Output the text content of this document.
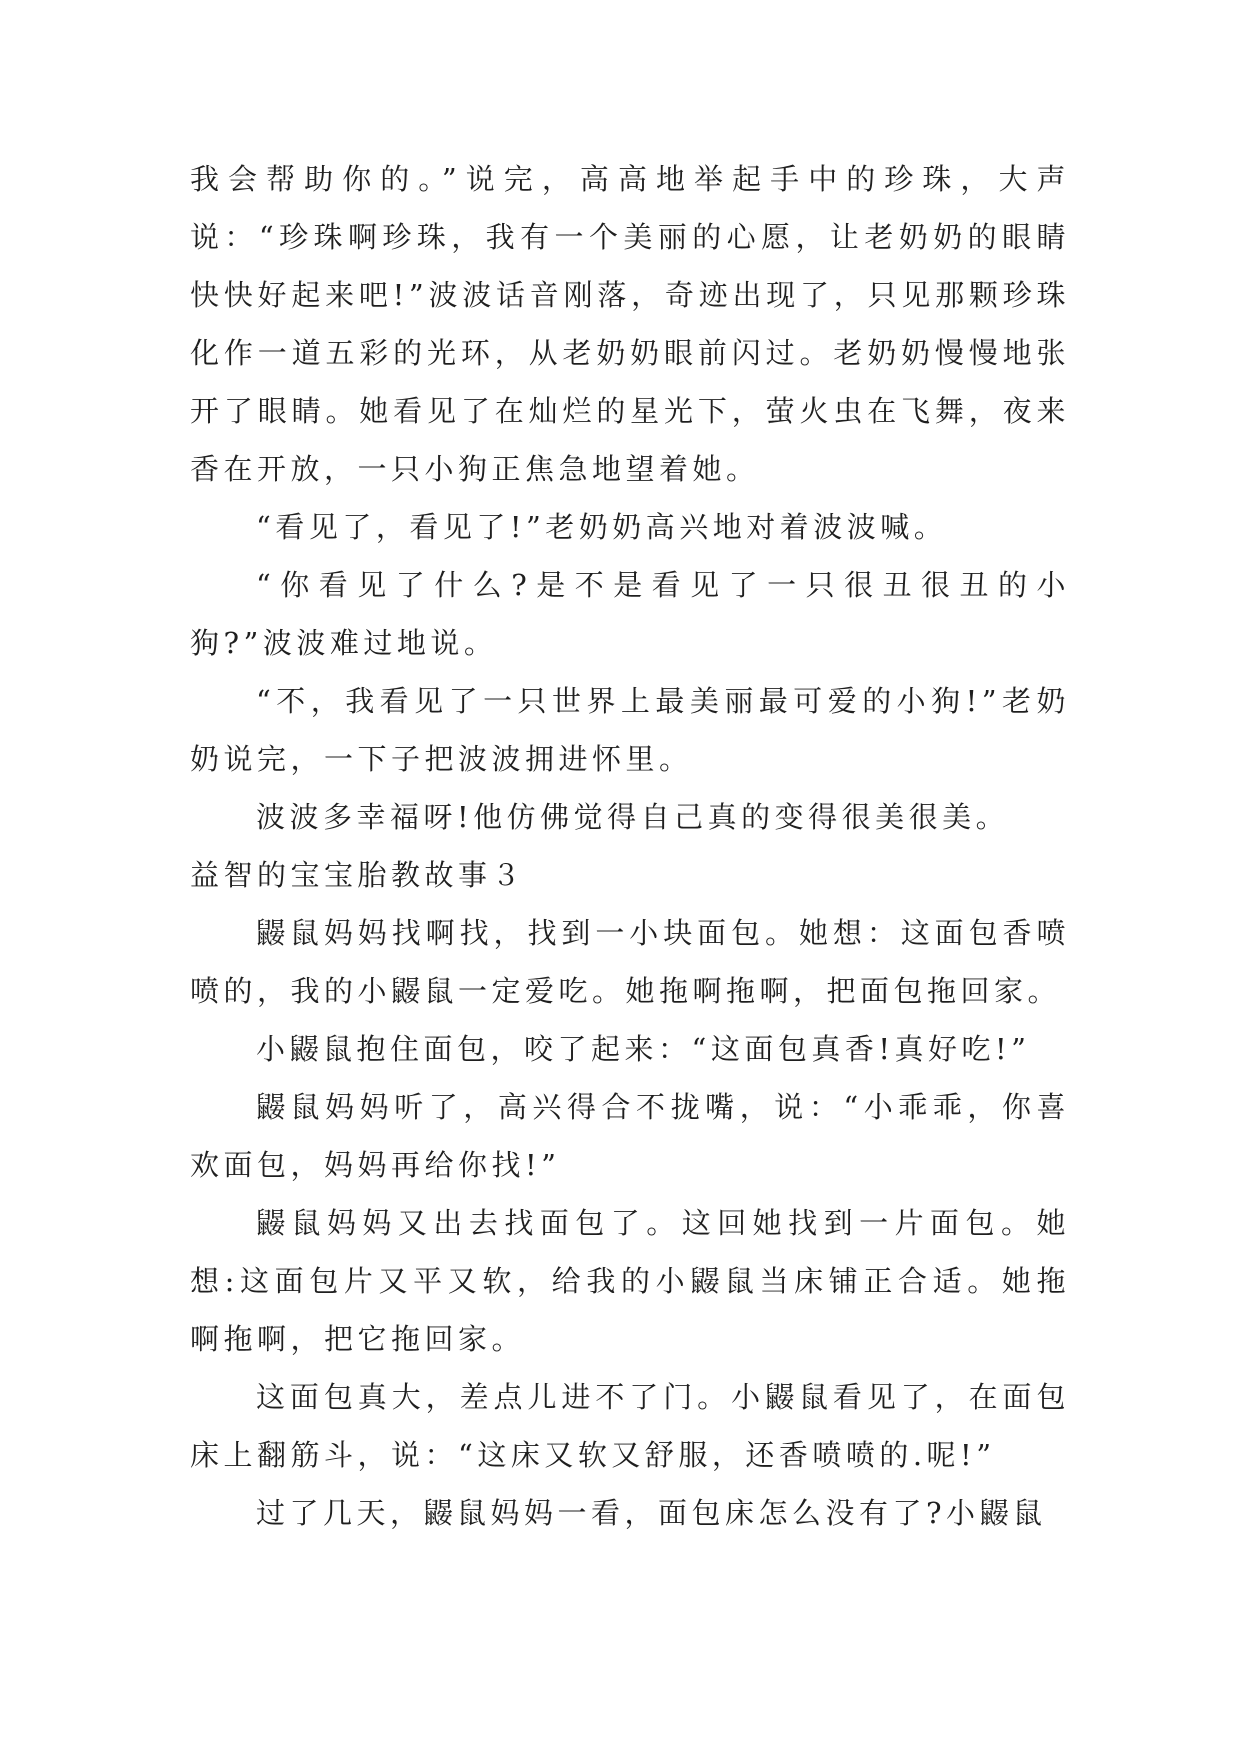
我会帮助你的。”说完，高高地举起手中的珍珠，大声说：“珍珠啊珍珠，我有一个美丽的心愿，让老奶奶的眼睛快快好起来吧!”波波话音刚落，奇迹出现了，只见那颗珍珠化作一道五彩的光环，从老奶奶眼前闪过。老奶奶慢慢地张开了眼睛。她看见了在灿烂的星光下，萤火虫在飞舞，夜来香在开放，一只小狗正焦急地望着她。

“看见了，看见了!”老奶奶高兴地对着波波喊。

“你看见了什么?是不是看见了一只很丑很丑的小狗?”波波难过地说。

“不，我看见了一只世界上最美丽最可爱的小狗!”老奶奶说完，一下子把波波拥进怀里。

波波多幸福呀!他仿佛觉得自己真的变得很美很美。

益智的宝宝胎教故事３

鼹鼠妈妈找啊找，找到一小块面包。她想：这面包香喷喷的，我的小鼹鼠一定爱吃。她拖啊拖啊，把面包拖回家。

小鼹鼠抱住面包，咬了起来：“这面包真香!真好吃!”

鼹鼠妈妈听了，高兴得合不拢嘴，说：“小乖乖，你喜欢面包，妈妈再给你找!”

鼹鼠妈妈又出去找面包了。这回她找到一片面包。她想:这面包片又平又软，给我的小鼹鼠当床铺正合适。她拖啊拖啊，把它拖回家。

这面包真大，差点儿进不了门。小鼹鼠看见了，在面包床上翻筋斗，说：“这床又软又舒服，还香喷喷的.呢!”

过了几天，鼹鼠妈妈一看，面包床怎么没有了?小鼹鼠
